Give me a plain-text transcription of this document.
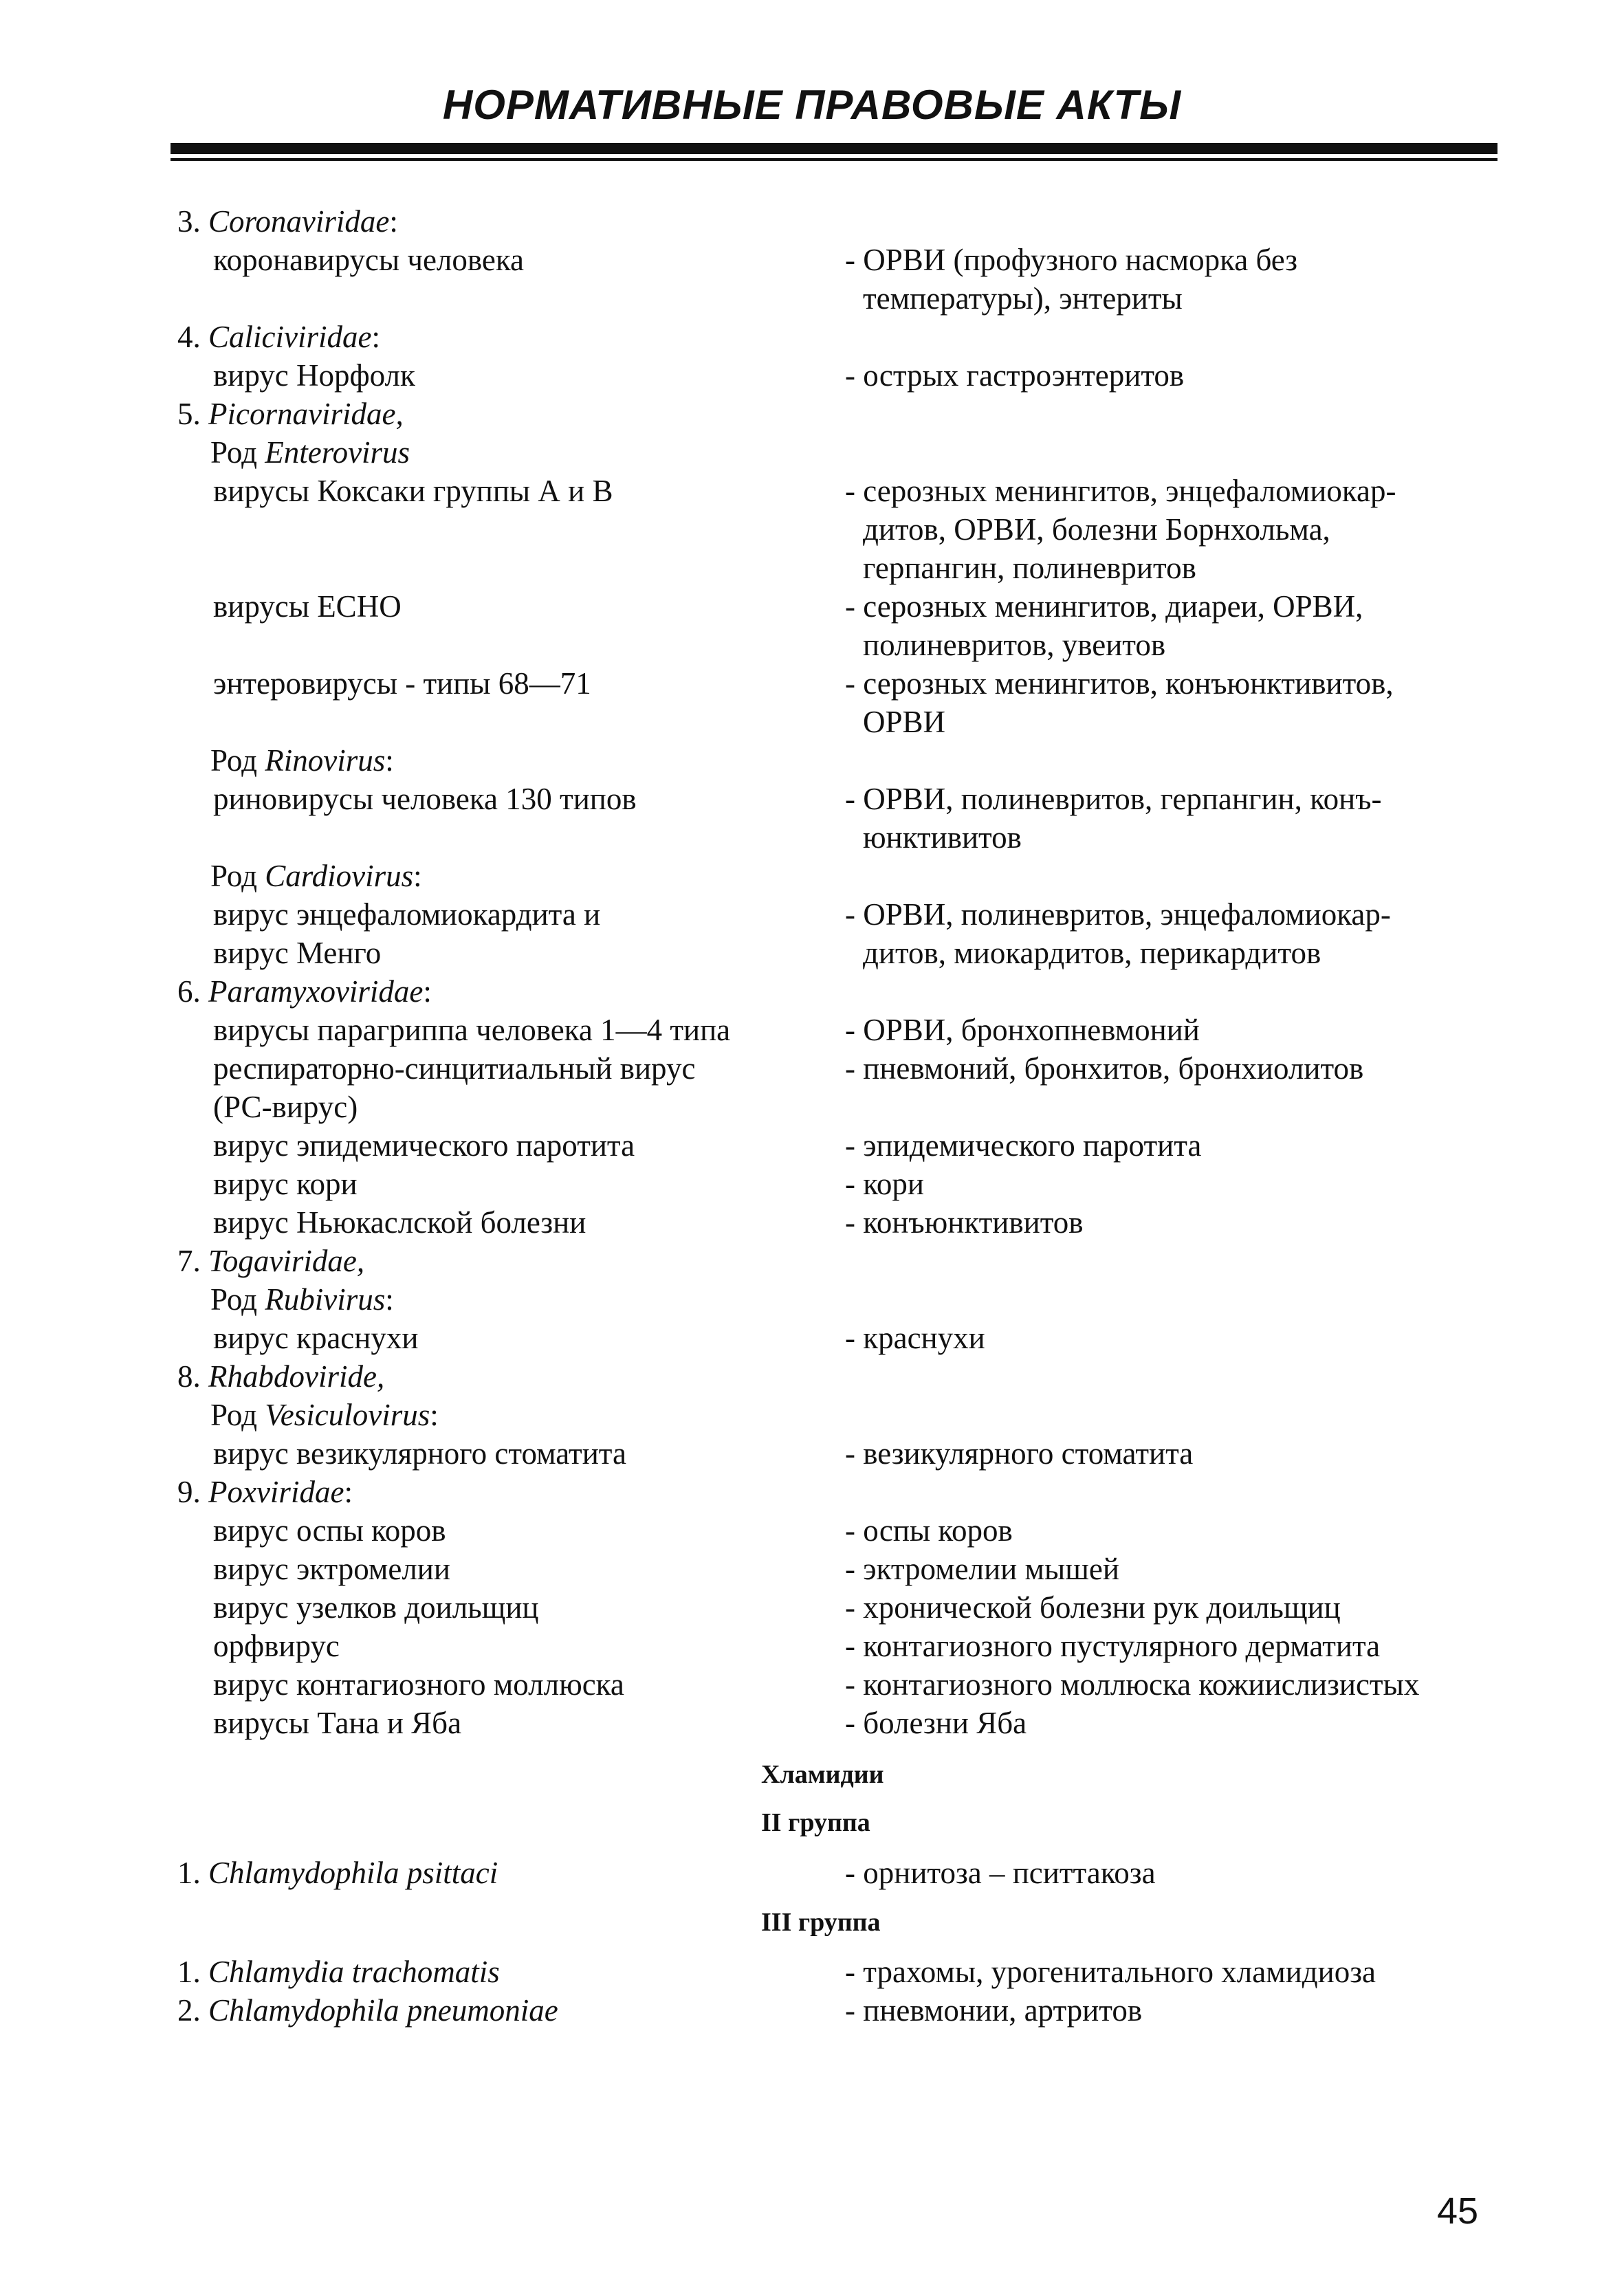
НОРМАТИВНЫЕ ПРАВОВЫЕ АКТЫ
3. Coronaviridae:
коронавирусы человека	- ОРВИ (профузного насморка без
температуры), энтериты
4. Caliciviridae:
вирус Норфолк	- острых гастроэнтеритов
5. Picornaviridae,
Род Enterovirus
вирусы Коксаки группы А и В	- серозных менингитов, энцефаломиокар-
дитов, ОРВИ, болезни Борнхольма,
герпангин, полиневритов
вирусы ЕСНО	- серозных менингитов, диареи, ОРВИ,
полиневритов, увеитов
энтеровирусы - типы 68—71	- серозных менингитов, конъюнктивитов,
ОРВИ
Род Rinovirus:
риновирусы человека 130 типов	- ОРВИ, полиневритов, герпангин, конъ-
юнктивитов
Род Cardiovirus:
вирус энцефаломиокардита и	- ОРВИ, полиневритов, энцефаломиокар-
вирус Менго	дитов, миокардитов, перикардитов
6. Paramyxoviridae:
вирусы парагриппа человека 1—4 типа	- ОРВИ, бронхопневмоний
респираторно-синцитиальный вирус	- пневмоний, бронхитов, бронхиолитов
(РС-вирус)
вирус эпидемического паротита	- эпидемического паротита
вирус кори	- кори
вирус Ньюкаслской болезни	- конъюнктивитов
7. Togaviridae,
Род Rubivirus:
вирус краснухи	- краснухи
8. Rhabdoviride,
Род Vesiculovirus:
вирус везикулярного стоматита	- везикулярного стоматита
9. Poxviridae:
вирус оспы коров	- оспы коров
вирус эктромелии	- эктромелии мышей
вирус узелков доильщиц	- хронической болезни рук доильщиц
орфвирус	- контагиозного пустулярного дерматита
вирус контагиозного моллюска	- контагиозного моллюска кожиислизистых
вирусы Тана и Яба	- болезни Яба
Хламидии
II группа
1. Chlamydophila psittaci	- орнитоза – пситтакоза
III группа
1. Chlamydia trachomatis	- трахомы, урогенитального хламидиоза
2. Chlamydophila pneumoniae	- пневмонии, артритов
45
